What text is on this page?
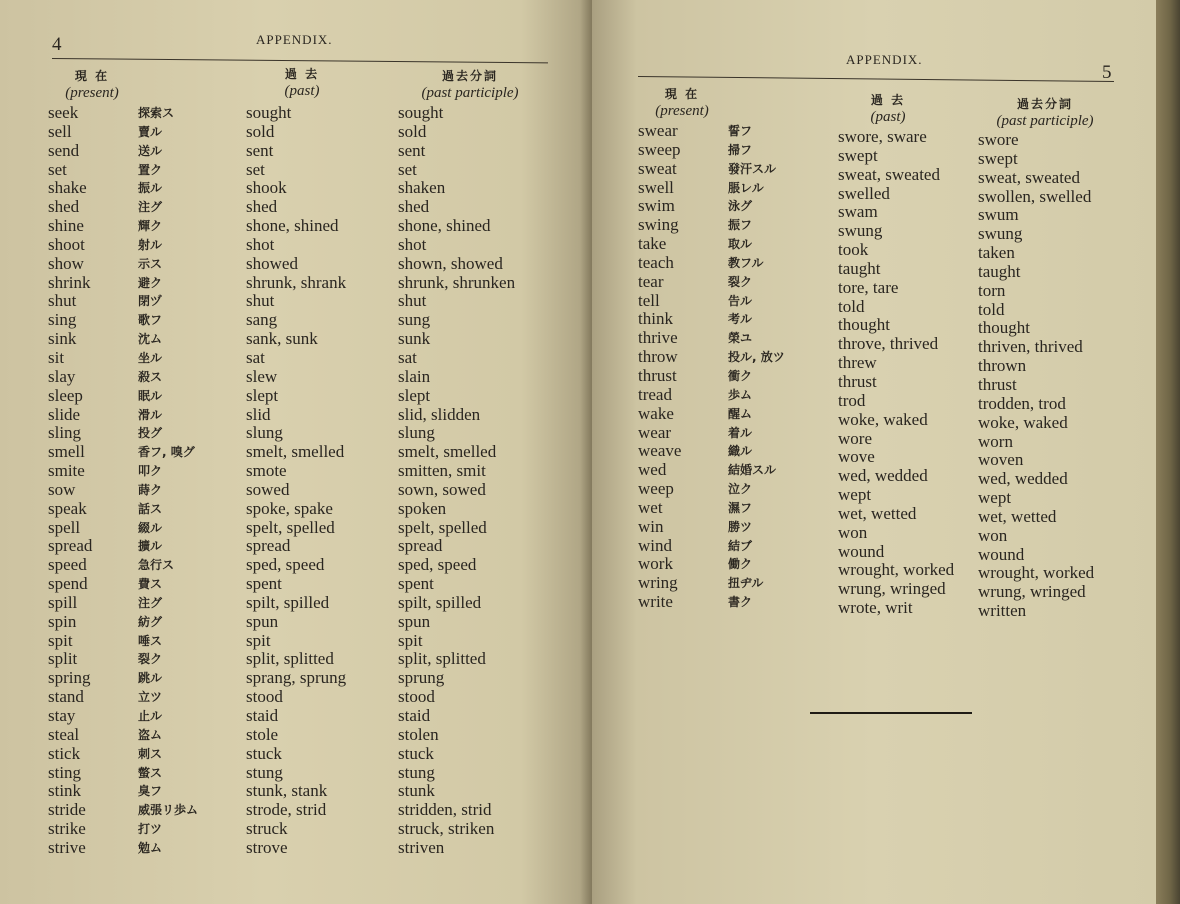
4	APPENDIX.
現 在
(present)
過 去
(past)
過去分詞
(past participle)
seek
sell
send
set
shake
shed
shine
shoot
show
shrink
shut
sing
sink
sit
slay
sleep
slide
sling
smell
smite
sow
speak
spell
spread
speed
spend
spill
spin
spit
split
spring
stand
stay
steal
stick
sting
stink
stride
strike
strive
探索ス
賣ル
送ル
置ク
振ル
注グ
輝ク
射ル
示ス
避ク
閉ヅ
歌フ
沈ム
坐ル
殺ス
眠ル
滑ル
投グ
香フ, 嗅グ
叩ク
蒔ク
話ス
綴ル
擴ル
急行ス
費ス
注グ
紡グ
唾ス
裂ク
跳ル
立ツ
止ル
盗ム
刺ス
螫ス
臭フ
威張リ歩ム
打ツ
勉ム
sought
sold
sent
set
shook
shed
shone, shined
shot
showed
shrunk, shrank
shut
sang
sank, sunk
sat
slew
slept
slid
slung
smelt, smelled
smote
sowed
spoke, spake
spelt, spelled
spread
sped, speed
spent
spilt, spilled
spun
spit
split, splitted
sprang, sprung
stood
staid
stole
stuck
stung
stunk, stank
strode, strid
struck
strove
sought
sold
sent
set
shaken
shed
shone, shined
shot
shown, showed
shrunk, shrunken
shut
sung
sunk
sat
slain
slept
slid, slidden
slung
smelt, smelled
smitten, smit
sown, sowed
spoken
spelt, spelled
spread
sped, speed
spent
spilt, spilled
spun
spit
split, splitted
sprung
stood
staid
stolen
stuck
stung
stunk
stridden, strid
struck, striken
striven
APPENDIX.
5
現 在
(present)
過 去
(past)
過去分詞
(past participle)
swear
sweep
sweat
swell
swim
swing
take
teach
tear
tell
think
thrive
throw
thrust
tread
wake
wear
weave
wed
weep
wet
win
wind
work
wring
write
誓フ
掃フ
發汗スル
脹レル
泳グ
振フ
取ル
教フル
裂ク
告ル
考ル
榮ユ
投ル, 放ツ
衝ク
歩ム
醒ム
着ル
織ル
結婚スル
泣ク
濕フ
勝ツ
結ブ
働ク
扭ヂル
書ク
swore, sware
swept
sweat, sweated
swelled
swam
swung
took
taught
tore, tare
told
thought
throve, thrived
threw
thrust
trod
woke, waked
wore
wove
wed, wedded
wept
wet, wetted
won
wound
wrought, worked
wrung, wringed
wrote, writ
swore
swept
sweat, sweated
swollen, swelled
swum
swung
taken
taught
torn
told
thought
thriven, thrived
thrown
thrust
trodden, trod
woke, waked
worn
woven
wed, wedded
wept
wet, wetted
won
wound
wrought, worked
wrung, wringed
written
